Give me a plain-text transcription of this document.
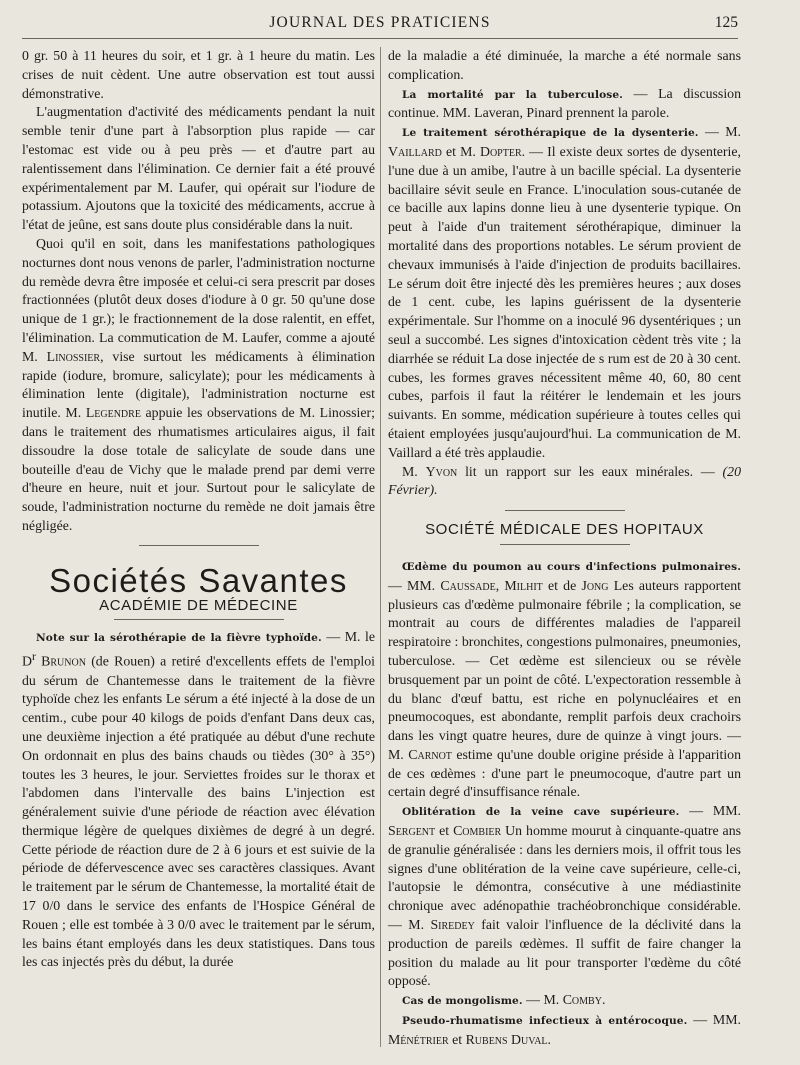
JOURNAL DES PRATICIENS	125

0 gr. 50 à 11 heures du soir, et 1 gr. à 1 heure du matin. Les crises de nuit cèdent. Une autre observation est tout aussi démonstrative.

L'augmentation d'activité des médicaments pendant la nuit semble tenir d'une part à l'absorption plus rapide — car l'estomac est vide ou à peu près — et d'autre part au ralentissement dans l'élimination. Ce dernier fait a été prouvé expérimentalement par M. Laufer, qui opérait sur l'iodure de potassium. Ajoutons que la toxicité des médicaments, accrue à l'état de jeûne, est sans doute plus considérable dans la nuit.

Quoi qu'il en soit, dans les manifestations pathologiques nocturnes dont nous venons de parler, l'administration nocturne du remède devra être imposée et celui-ci sera prescrit par doses fractionnées (plutôt deux doses d'iodure à 0 gr. 50 qu'une dose unique de 1 gr.); le fractionnement de la dose ralentit, en effet, l'élimination. La commutication de M. Laufer, comme a ajouté M. Linossier, vise surtout les médicaments à élimination rapide (iodure, bromure, salicylate); pour les médicaments à élimination lente (digitale), l'administration nocturne est inutile. M. Legendre appuie les observations de M. Linossier; dans le traitement des rhumatismes articulaires aigus, il fait dissoudre la dose totale de salicylate de soude dans une bouteille d'eau de Vichy que le malade prend par demi verre d'heure en heure, nuit et jour. Surtout pour le salicylate de soude, l'administration nocturne du remède ne doit jamais être négligée.

Sociétés Savantes
ACADÉMIE DE MÉDECINE

Note sur la sérothérapie de la fièvre typhoïde. — M. le $D^r$ Brunon (de Rouen) a retiré d'excellents effets de l'emploi du sérum de Chantemesse dans le traitement de la fièvre typhoïde chez les enfants Le sérum a été injecté à la dose de un centim., cube pour 40 kilogs de poids d'enfant Dans deux cas, une deuxième injection a été pratiquée au début d'une rechute On ordonnait en plus des bains chauds ou tièdes (30° à 35°) toutes les 3 heures, le jour. Serviettes froides sur le thorax et l'abdomen dans l'intervalle des bains L'injection est généralement suivie d'une période de réaction avec élévation thermique légère de quelques dixièmes de degré à un degré. Cette période de réaction dure de 2 à 6 jours et est suivie de la période de défervescence avec ses caractères classiques. Avant le traitement par le sérum de Chantemesse, la mortalité était de 17 0/0 dans le service des enfants de l'Hospice Général de Rouen ; elle est tombée à 3 0/0 avec le traitement par le sérum, les bains étant employés dans les deux statistiques. Dans tous les cas injectés près du début, la durée

de la maladie a été diminuée, la marche a été normale sans complication.

La mortalité par la tuberculose. — La discussion continue. MM. Laveran, Pinard prennent la parole.

Le traitement sérothérapique de la dysenterie. — M. Vaillard et M. Dopter. — Il existe deux sortes de dysenterie, l'une due à un amibe, l'autre à un bacille spécial. La dysenterie bacillaire sévit seule en France. L'inoculation sous-cutanée de ce bacille aux lapins donne lieu à une dysenterie typique. On peut à l'aide d'un traitement sérothérapique, diminuer la mortalité dans des proportions notables. Le sérum provient de chevaux immunisés à l'aide d'injection de produits bacillaires. Le sérum doit être injecté dès les premières heures ; aux doses de 1 cent. cube, les lapins guérissent de la dysenterie expérimentale. Sur l'homme on a inoculé 96 dysentériques ; un seul a succombé. Les signes d'intoxication cèdent très vite ; la diarrhée se réduit La dose injectée de s rum est de 20 à 30 cent. cubes, les formes graves nécessitent même 40, 60, 80 cent cubes, parfois il faut la réitérer le lendemain et les jours suivants. En somme, médication supérieure à toutes celles qui étaient employées jusqu'aujourd'hui. La communication de M. Vaillard a été très applaudie.

M. Yvon lit un rapport sur les eaux minérales. — (20 Février).

SOCIÉTÉ MÉDICALE DES HOPITAUX

Œdème du poumon au cours d'infections pulmonaires. — MM. Caussade, Milhit et de Jong Les auteurs rapportent plusieurs cas d'œdème pulmonaire fébrile ; la complication, se montrait au cours de différentes maladies de l'appareil respiratoire : bronchites, congestions pulmonaires, pneumonies, tuberculose. — Cet œdème est silencieux ou se révèle brusquement par un point de côté. L'expectoration ressemble à du blanc d'œuf battu, est riche en polynucléaires et en pneumocoques, est abondante, remplit parfois deux crachoirs dans les vingt quatre heures, dure de quinze à vingt jours. — M. Carnot estime qu'une double origine préside à l'apparition de ces œdèmes : d'une part le pneumocoque, d'autre part un certain degré d'insuffisance rénale.

Oblitération de la veine cave supérieure. — MM. Sergent et Combier Un homme mourut à cinquante-quatre ans de granulie généralisée : dans les derniers mois, il offrit tous les signes d'une oblitération de la veine cave supérieure, celle-ci, l'autopsie le démontra, consécutive à une médiastinite chronique avec adénopathie trachéobronchique considérable. — M. Siredey fait valoir l'influence de la déclivité dans la production de pareils œdèmes. Il suffit de faire changer la position du malade au lit pour transporter l'œdème du côté opposé.

Cas de mongolisme. — M. Comby.

Pseudo-rhumatisme infectieux à entérocoque. — MM. Ménétrier et Rubens Duval.
